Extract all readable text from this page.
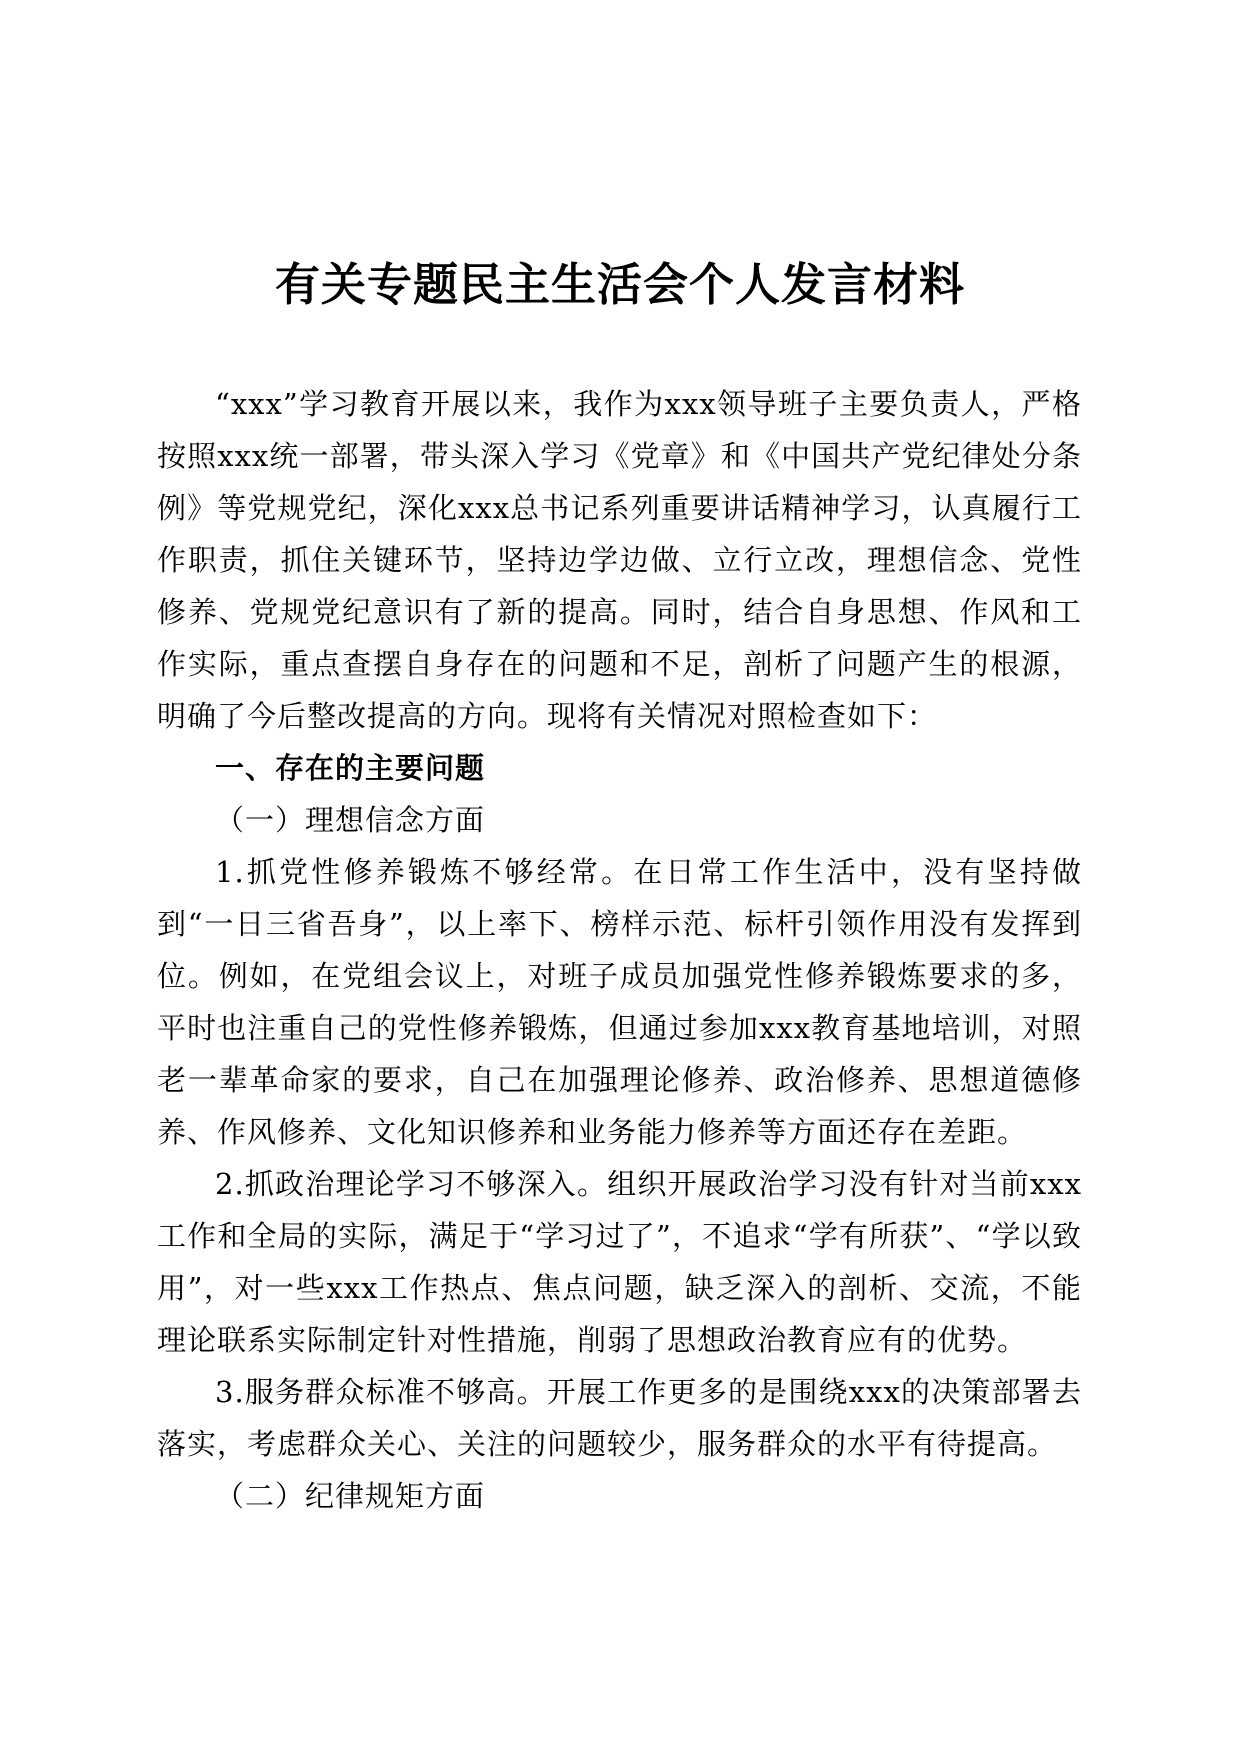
有关专题民主生活会个人发言材料

“xxx”学习教育开展以来，我作为xxx领导班子主要负责人，严格按照xxx统一部署，带头深入学习《党章》和《中国共产党纪律处分条例》等党规党纪，深化xxx总书记系列重要讲话精神学习，认真履行工作职责，抓住关键环节，坚持边学边做、立行立改，理想信念、党性修养、党规党纪意识有了新的提高。同时，结合自身思想、作风和工作实际，重点查摆自身存在的问题和不足，剖析了问题产生的根源，明确了今后整改提高的方向。现将有关情况对照检查如下：

一、存在的主要问题

（一）理想信念方面

1.抓党性修养锻炼不够经常。在日常工作生活中，没有坚持做到“一日三省吾身”，以上率下、榜样示范、标杆引领作用没有发挥到位。例如，在党组会议上，对班子成员加强党性修养锻炼要求的多，平时也注重自己的党性修养锻炼，但通过参加xxx教育基地培训，对照老一辈革命家的要求，自己在加强理论修养、政治修养、思想道德修养、作风修养、文化知识修养和业务能力修养等方面还存在差距。

2.抓政治理论学习不够深入。组织开展政治学习没有针对当前xxx工作和全局的实际，满足于“学习过了”，不追求“学有所获”、“学以致用”，对一些xxx工作热点、焦点问题，缺乏深入的剖析、交流，不能理论联系实际制定针对性措施，削弱了思想政治教育应有的优势。

3.服务群众标准不够高。开展工作更多的是围绕xxx的决策部署去落实，考虑群众关心、关注的问题较少，服务群众的水平有待提高。

（二）纪律规矩方面
